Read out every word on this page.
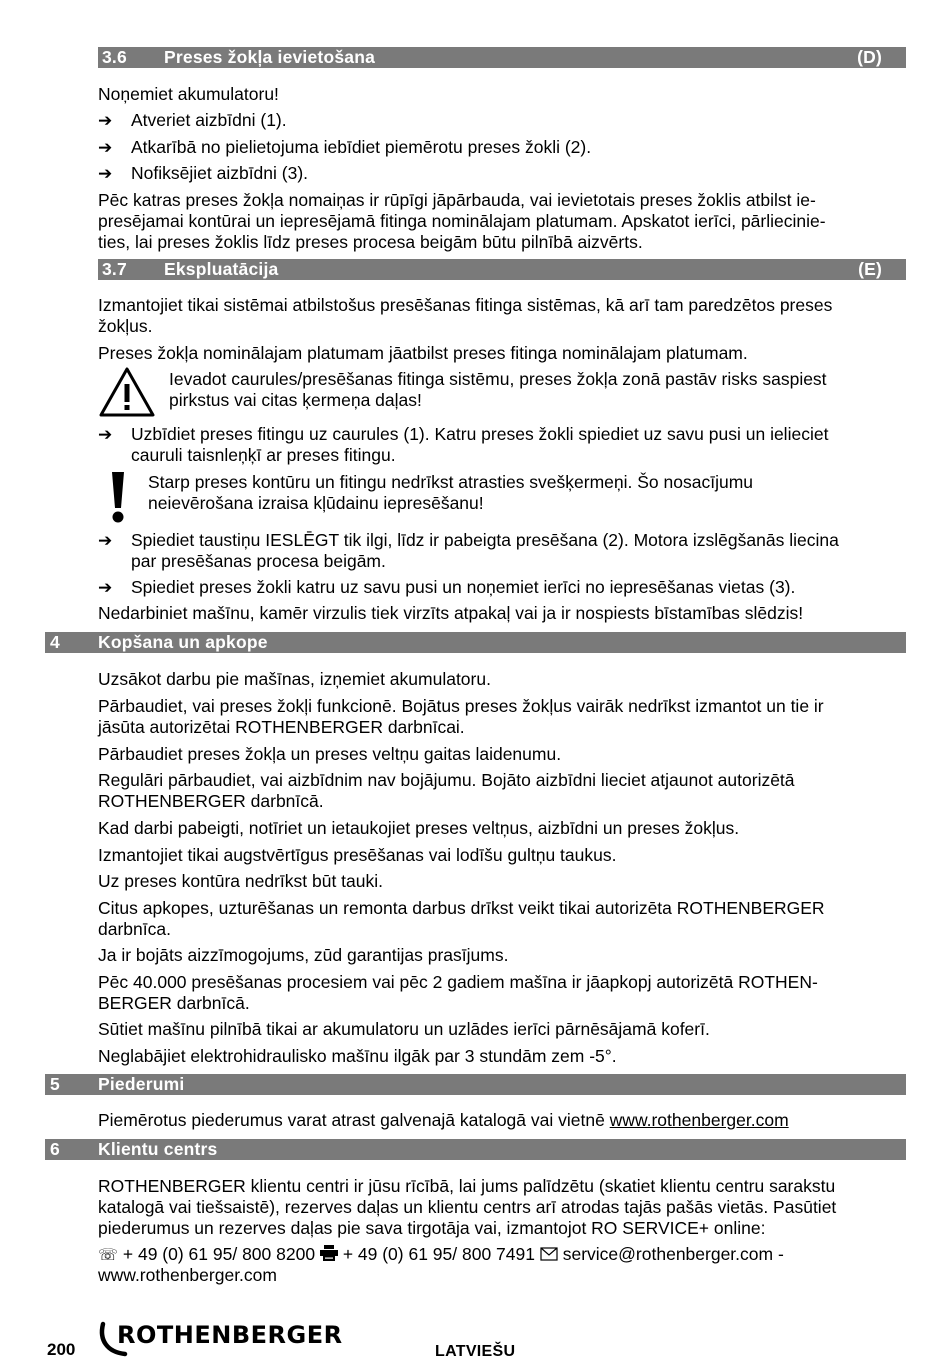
3.6 Preses žokļa ievietošana	(D)
Noņemiet akumulatoru!
➔	Atveriet aizbīdni (1).
➔	Atkarībā no pielietojuma iebīdiet piemērotu preses žokli (2).
➔	Nofiksējiet aizbīdni (3).
Pēc katras preses žokļa nomaiņas ir rūpīgi jāpārbauda, vai ievietotais preses žoklis atbilst ie-
presējamai kontūrai un iepresējamā fitinga nominālajam platumam. Apskatot ierīci, pārliecinie-
ties, lai preses žoklis līdz preses procesa beigām būtu pilnībā aizvērts.
3.7 Ekspluatācija	(E)
Izmantojiet tikai sistēmai atbilstošus presēšanas fitinga sistēmas, kā arī tam paredzētos preses
žokļus.
Preses žokļa nominālajam platumam jāatbilst preses fitinga nominālajam platumam.
Ievadot caurules/presēšanas fitinga sistēmu, preses žokļa zonā pastāv risks saspiest
pirkstus vai citas ķermeņa daļas!
➔	Uzbīdiet preses fitingu uz caurules (1). Katru preses žokli spiediet uz savu pusi un ielieciet
cauruli taisnleņķī ar preses fitingu.
Starp preses kontūru un fitingu nedrīkst atrasties svešķermeņi. Šo nosacījumu
neievērošana izraisa kļūdainu iepresēšanu!
➔	Spiediet taustiņu IESLĒGT tik ilgi, līdz ir pabeigta presēšana (2). Motora izslēgšanās liecina
par presēšanas procesa beigām.
➔	Spiediet preses žokli katru uz savu pusi un noņemiet ierīci no iepresēšanas vietas (3).
Nedarbiniet mašīnu, kamēr virzulis tiek virzīts atpakaļ vai ja ir nospiests bīstamības slēdzis!
4 Kopšana un apkope
Uzsākot darbu pie mašīnas, izņemiet akumulatoru.
Pārbaudiet, vai preses žokļi funkcionē. Bojātus preses žokļus vairāk nedrīkst izmantot un tie ir
jāsūta autorizētai ROTHENBERGER darbnīcai.
Pārbaudiet preses žokļa un preses veltņu gaitas laidenumu.
Regulāri pārbaudiet, vai aizbīdnim nav bojājumu. Bojāto aizbīdni lieciet atjaunot autorizētā
ROTHENBERGER darbnīcā.
Kad darbi pabeigti, notīriet un ietaukojiet preses veltņus, aizbīdni un preses žokļus.
Izmantojiet tikai augstvērtīgus presēšanas vai lodīšu gultņu taukus.
Uz preses kontūra nedrīkst būt tauki.
Citus apkopes, uzturēšanas un remonta darbus drīkst veikt tikai autorizēta ROTHENBERGER
darbnīca.
Ja ir bojāts aizzīmogojums, zūd garantijas prasījums.
Pēc 40.000 presēšanas procesiem vai pēc 2 gadiem mašīna ir jāapkopj autorizētā ROTHEN-
BERGER darbnīcā.
Sūtiet mašīnu pilnībā tikai ar akumulatoru un uzlādes ierīci pārnēsājamā koferī.
Neglabājiet elektrohidraulisko mašīnu ilgāk par 3 stundām zem -5°.
5 Piederumi
Piemērotus piederumus varat atrast galvenajā katalogā vai vietnē www.rothenberger.com
6 Klientu centrs
ROTHENBERGER klientu centri ir jūsu rīcībā, lai jums palīdzētu (skatiet klientu centru sarakstu
katalogā vai tiešsaistē), rezerves daļas un klientu centrs arī atrodas tajās pašās vietās. Pasūtiet
piederumus un rezerves daļas pie sava tirgotāja vai, izmantojot RO SERVICE+ online:
☏ + 49 (0) 61 95/ 800 8200 + 49 (0) 61 95/ 800 7491 service@rothenberger.com -
www.rothenberger.com
200
ROTHENBERGER
LATVIEŠU
